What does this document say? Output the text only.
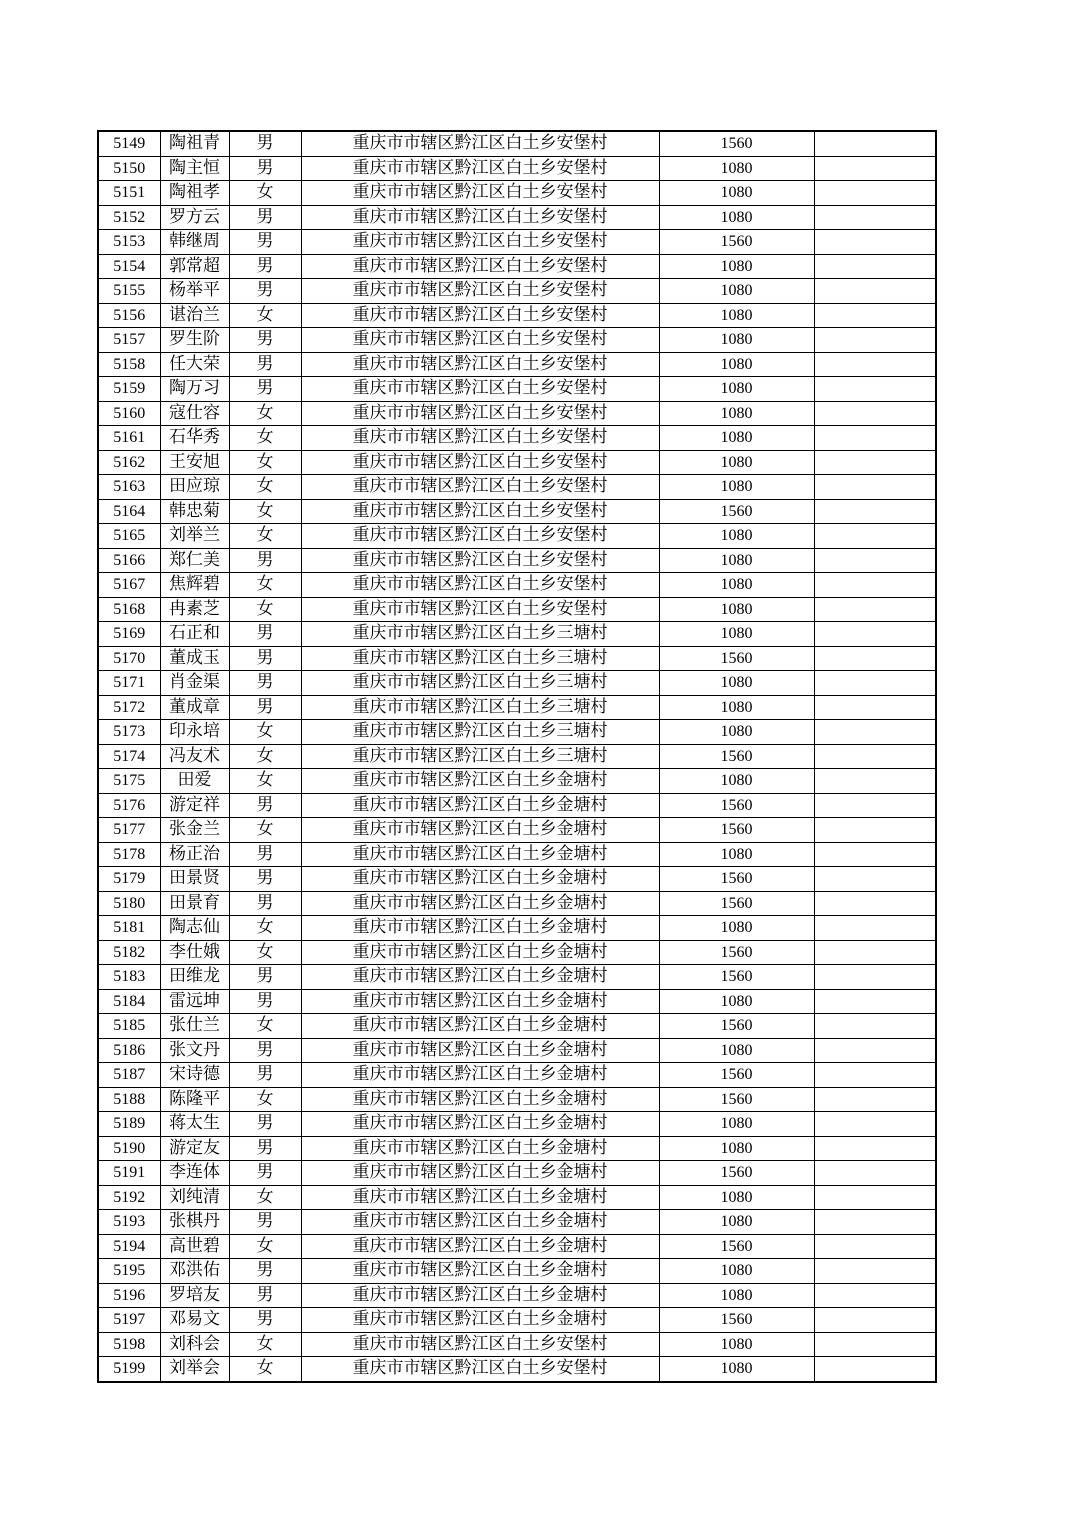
5149	陶祖青	男	重庆市市辖区黔江区白土乡安堡村	1560	
5150	陶主恒	男	重庆市市辖区黔江区白土乡安堡村	1080	
5151	陶祖孝	女	重庆市市辖区黔江区白土乡安堡村	1080	
5152	罗方云	男	重庆市市辖区黔江区白土乡安堡村	1080	
5153	韩继周	男	重庆市市辖区黔江区白土乡安堡村	1560	
5154	郭常超	男	重庆市市辖区黔江区白土乡安堡村	1080	
5155	杨举平	男	重庆市市辖区黔江区白土乡安堡村	1080	
5156	谌治兰	女	重庆市市辖区黔江区白土乡安堡村	1080	
5157	罗生阶	男	重庆市市辖区黔江区白土乡安堡村	1080	
5158	任大荣	男	重庆市市辖区黔江区白土乡安堡村	1080	
5159	陶万习	男	重庆市市辖区黔江区白土乡安堡村	1080	
5160	寇仕容	女	重庆市市辖区黔江区白土乡安堡村	1080	
5161	石华秀	女	重庆市市辖区黔江区白土乡安堡村	1080	
5162	王安旭	女	重庆市市辖区黔江区白土乡安堡村	1080	
5163	田应琼	女	重庆市市辖区黔江区白土乡安堡村	1080	
5164	韩忠菊	女	重庆市市辖区黔江区白土乡安堡村	1560	
5165	刘举兰	女	重庆市市辖区黔江区白土乡安堡村	1080	
5166	郑仁美	男	重庆市市辖区黔江区白土乡安堡村	1080	
5167	焦辉碧	女	重庆市市辖区黔江区白土乡安堡村	1080	
5168	冉素芝	女	重庆市市辖区黔江区白土乡安堡村	1080	
5169	石正和	男	重庆市市辖区黔江区白土乡三塘村	1080	
5170	董成玉	男	重庆市市辖区黔江区白土乡三塘村	1560	
5171	肖金渠	男	重庆市市辖区黔江区白土乡三塘村	1080	
5172	董成章	男	重庆市市辖区黔江区白土乡三塘村	1080	
5173	印永培	女	重庆市市辖区黔江区白土乡三塘村	1080	
5174	冯友术	女	重庆市市辖区黔江区白土乡三塘村	1560	
5175	田爱	女	重庆市市辖区黔江区白土乡金塘村	1080	
5176	游定祥	男	重庆市市辖区黔江区白土乡金塘村	1560	
5177	张金兰	女	重庆市市辖区黔江区白土乡金塘村	1560	
5178	杨正治	男	重庆市市辖区黔江区白土乡金塘村	1080	
5179	田景贤	男	重庆市市辖区黔江区白土乡金塘村	1560	
5180	田景育	男	重庆市市辖区黔江区白土乡金塘村	1560	
5181	陶志仙	女	重庆市市辖区黔江区白土乡金塘村	1080	
5182	李仕娥	女	重庆市市辖区黔江区白土乡金塘村	1560	
5183	田维龙	男	重庆市市辖区黔江区白土乡金塘村	1560	
5184	雷远坤	男	重庆市市辖区黔江区白土乡金塘村	1080	
5185	张仕兰	女	重庆市市辖区黔江区白土乡金塘村	1560	
5186	张文丹	男	重庆市市辖区黔江区白土乡金塘村	1080	
5187	宋诗德	男	重庆市市辖区黔江区白土乡金塘村	1560	
5188	陈隆平	女	重庆市市辖区黔江区白土乡金塘村	1560	
5189	蒋太生	男	重庆市市辖区黔江区白土乡金塘村	1080	
5190	游定友	男	重庆市市辖区黔江区白土乡金塘村	1080	
5191	李连体	男	重庆市市辖区黔江区白土乡金塘村	1560	
5192	刘纯清	女	重庆市市辖区黔江区白土乡金塘村	1080	
5193	张棋丹	男	重庆市市辖区黔江区白土乡金塘村	1080	
5194	高世碧	女	重庆市市辖区黔江区白土乡金塘村	1560	
5195	邓洪佑	男	重庆市市辖区黔江区白土乡金塘村	1080	
5196	罗培友	男	重庆市市辖区黔江区白土乡金塘村	1080	
5197	邓易文	男	重庆市市辖区黔江区白土乡金塘村	1560	
5198	刘科会	女	重庆市市辖区黔江区白土乡安堡村	1080	
5199	刘举会	女	重庆市市辖区黔江区白土乡安堡村	1080	
